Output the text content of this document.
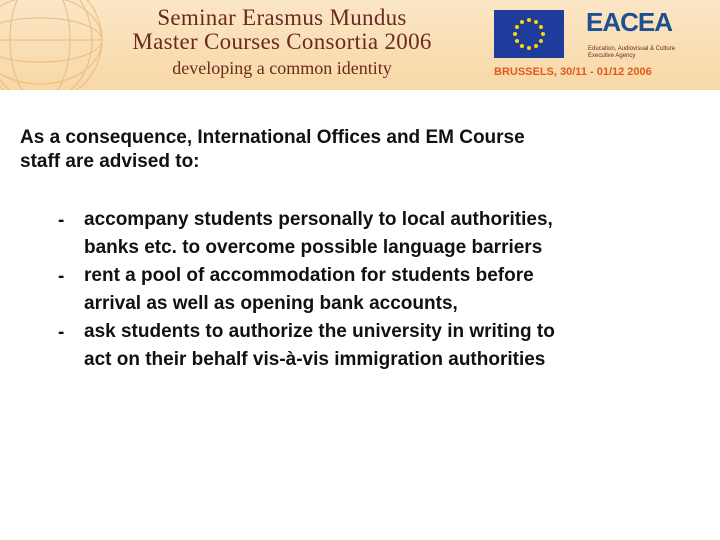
Seminar Erasmus Mundus
Master Courses Consortia 2006
developing a common identity
EACEA
Education, Audiovisual & Culture Executive Agency
BRUSSELS, 30/11 - 01/12 2006
As a consequence, International Offices and EM Course
staff are advised to:
- accompany students personally to local authorities,
banks etc. to overcome possible language barriers
- rent a pool of accommodation for students before
arrival as well as opening bank accounts,
- ask students to authorize the university in writing to
act on their behalf vis-à-vis immigration authorities
